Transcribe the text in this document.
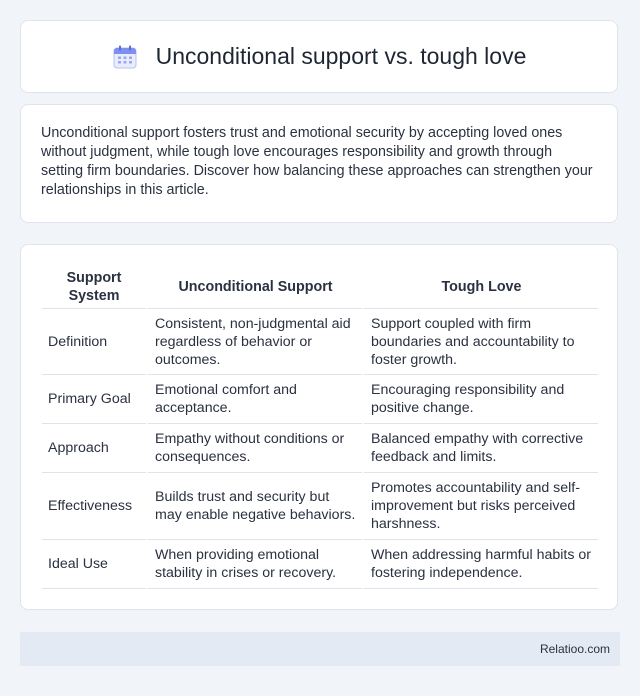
Unconditional support vs. tough love

Unconditional support fosters trust and emotional security by accepting loved ones without judgment, while tough love encourages responsibility and growth through setting firm boundaries. Discover how balancing these approaches can strengthen your relationships in this article.

Support System	Unconditional Support	Tough Love
Definition	Consistent, non-judgmental aid regardless of behavior or outcomes.	Support coupled with firm boundaries and accountability to foster growth.
Primary Goal	Emotional comfort and acceptance.	Encouraging responsibility and positive change.
Approach	Empathy without conditions or consequences.	Balanced empathy with corrective feedback and limits.
Effectiveness	Builds trust and security but may enable negative behaviors.	Promotes accountability and self-improvement but risks perceived harshness.
Ideal Use	When providing emotional stability in crises or recovery.	When addressing harmful habits or fostering independence.
Relatioo.com
